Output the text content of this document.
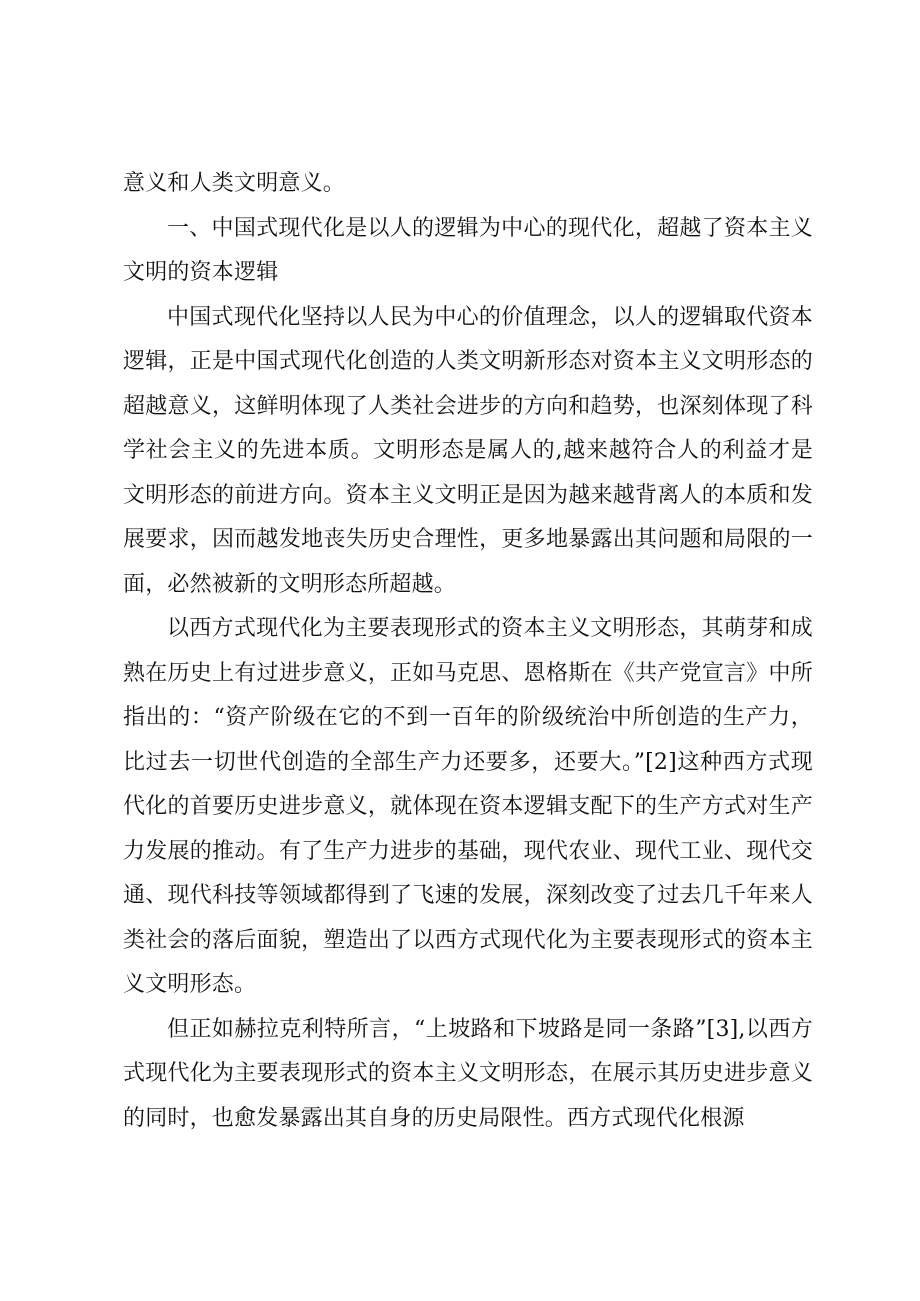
意义和人类文明意义。

一、中国式现代化是以人的逻辑为中心的现代化，超越了资本主义文明的资本逻辑

中国式现代化坚持以人民为中心的价值理念，以人的逻辑取代资本逻辑，正是中国式现代化创造的人类文明新形态对资本主义文明形态的超越意义，这鲜明体现了人类社会进步的方向和趋势，也深刻体现了科学社会主义的先进本质。文明形态是属人的,越来越符合人的利益才是文明形态的前进方向。资本主义文明正是因为越来越背离人的本质和发展要求，因而越发地丧失历史合理性，更多地暴露出其问题和局限的一面，必然被新的文明形态所超越。

以西方式现代化为主要表现形式的资本主义文明形态，其萌芽和成熟在历史上有过进步意义，正如马克思、恩格斯在《共产党宣言》中所指出的：“资产阶级在它的不到一百年的阶级统治中所创造的生产力，比过去一切世代创造的全部生产力还要多，还要大。”[2]这种西方式现代化的首要历史进步意义，就体现在资本逻辑支配下的生产方式对生产力发展的推动。有了生产力进步的基础，现代农业、现代工业、现代交通、现代科技等领域都得到了飞速的发展，深刻改变了过去几千年来人类社会的落后面貌，塑造出了以西方式现代化为主要表现形式的资本主义文明形态。

但正如赫拉克利特所言，“上坡路和下坡路是同一条路”[3],以西方式现代化为主要表现形式的资本主义文明形态，在展示其历史进步意义的同时，也愈发暴露出其自身的历史局限性。西方式现代化根源
